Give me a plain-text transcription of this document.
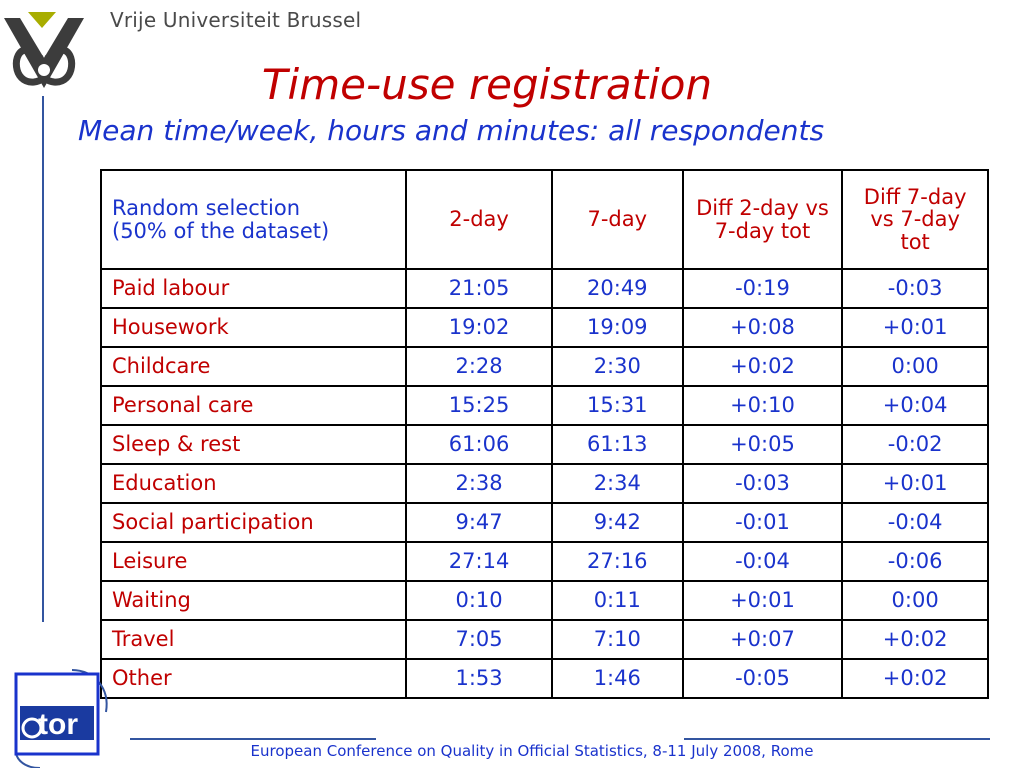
Vrije Universiteit Brussel
Time-use registration
Mean time/week, hours and minutes: all respondents
Random selection
(50% of the dataset)	2-day	7-day	Diff 2-day vs 7-day tot	Diff 7-day vs 7-day tot
Paid labour	21:05	20:49	-0:19	-0:03
Housework	19:02	19:09	+0:08	+0:01
Childcare	2:28	2:30	+0:02	0:00
Personal care	15:25	15:31	+0:10	+0:04
Sleep & rest	61:06	61:13	+0:05	-0:02
Education	2:38	2:34	-0:03	+0:01
Social participation	9:47	9:42	-0:01	-0:04
Leisure	27:14	27:16	-0:04	-0:06
Waiting	0:10	0:11	+0:01	0:00
Travel	7:05	7:10	+0:07	+0:02
Other	1:53	1:46	-0:05	+0:02
tor
European Conference on Quality in Official Statistics, 8-11 July 2008, Rome
